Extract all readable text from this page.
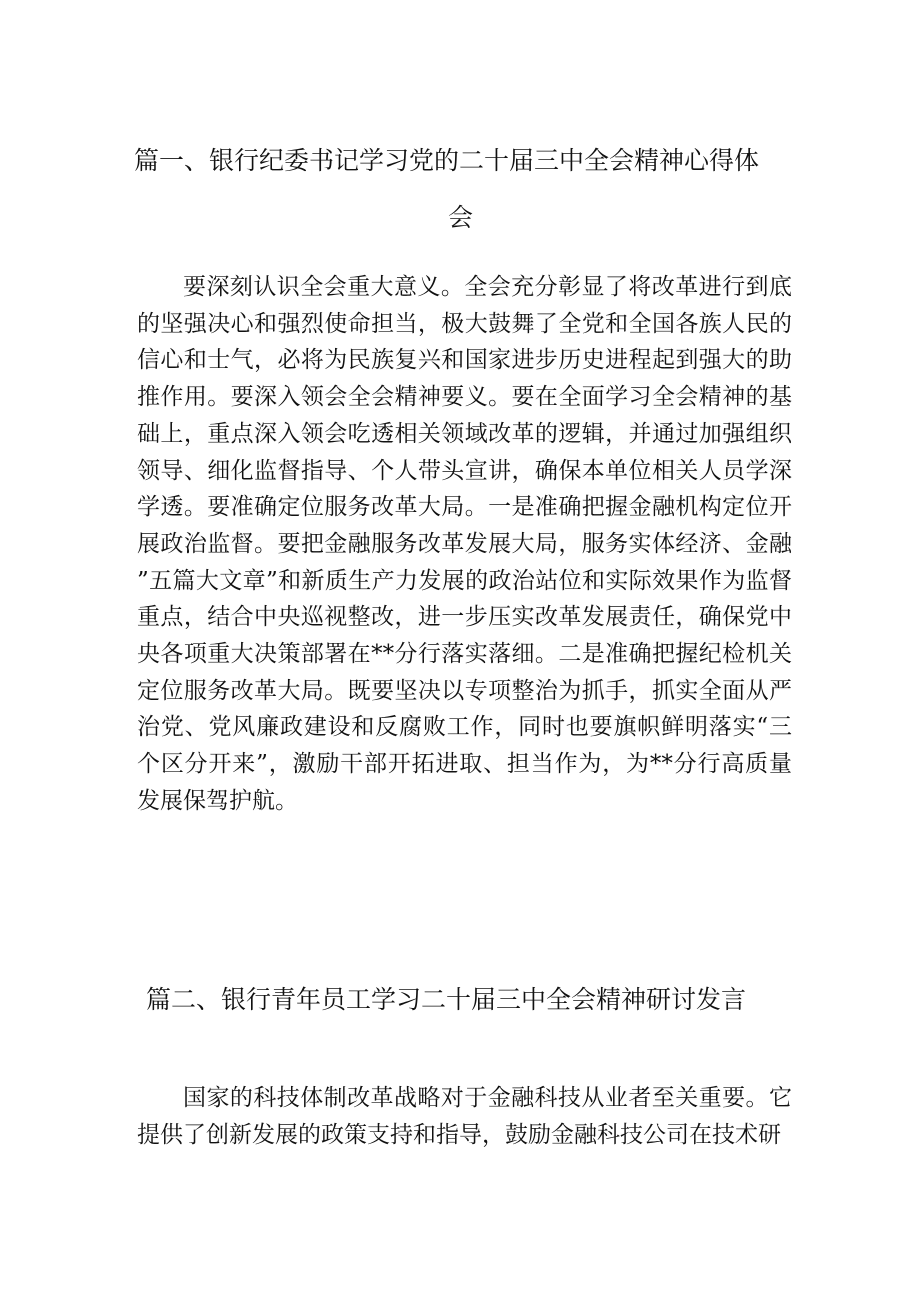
篇一、银行纪委书记学习党的二十届三中全会精神心得体
会
要深刻认识全会重大意义。全会充分彰显了将改革进行到底的坚强决心和强烈使命担当，极大鼓舞了全党和全国各族人民的信心和士气，必将为民族复兴和国家进步历史进程起到强大的助推作用。要深入领会全会精神要义。要在全面学习全会精神的基础上，重点深入领会吃透相关领域改革的逻辑，并通过加强组织领导、细化监督指导、个人带头宣讲，确保本单位相关人员学深学透。要准确定位服务改革大局。一是准确把握金融机构定位开展政治监督。要把金融服务改革发展大局，服务实体经济、金融”五篇大文章”和新质生产力发展的政治站位和实际效果作为监督重点，结合中央巡视整改，进一步压实改革发展责任，确保党中央各项重大决策部署在**分行落实落细。二是准确把握纪检机关定位服务改革大局。既要坚决以专项整治为抓手，抓实全面从严治党、党风廉政建设和反腐败工作，同时也要旗帜鲜明落实“三个区分开来”，激励干部开拓进取、担当作为，为**分行高质量发展保驾护航。
篇二、银行青年员工学习二十届三中全会精神研讨发言
国家的科技体制改革战略对于金融科技从业者至关重要。它提供了创新发展的政策支持和指导，鼓励金融科技公司在技术研
